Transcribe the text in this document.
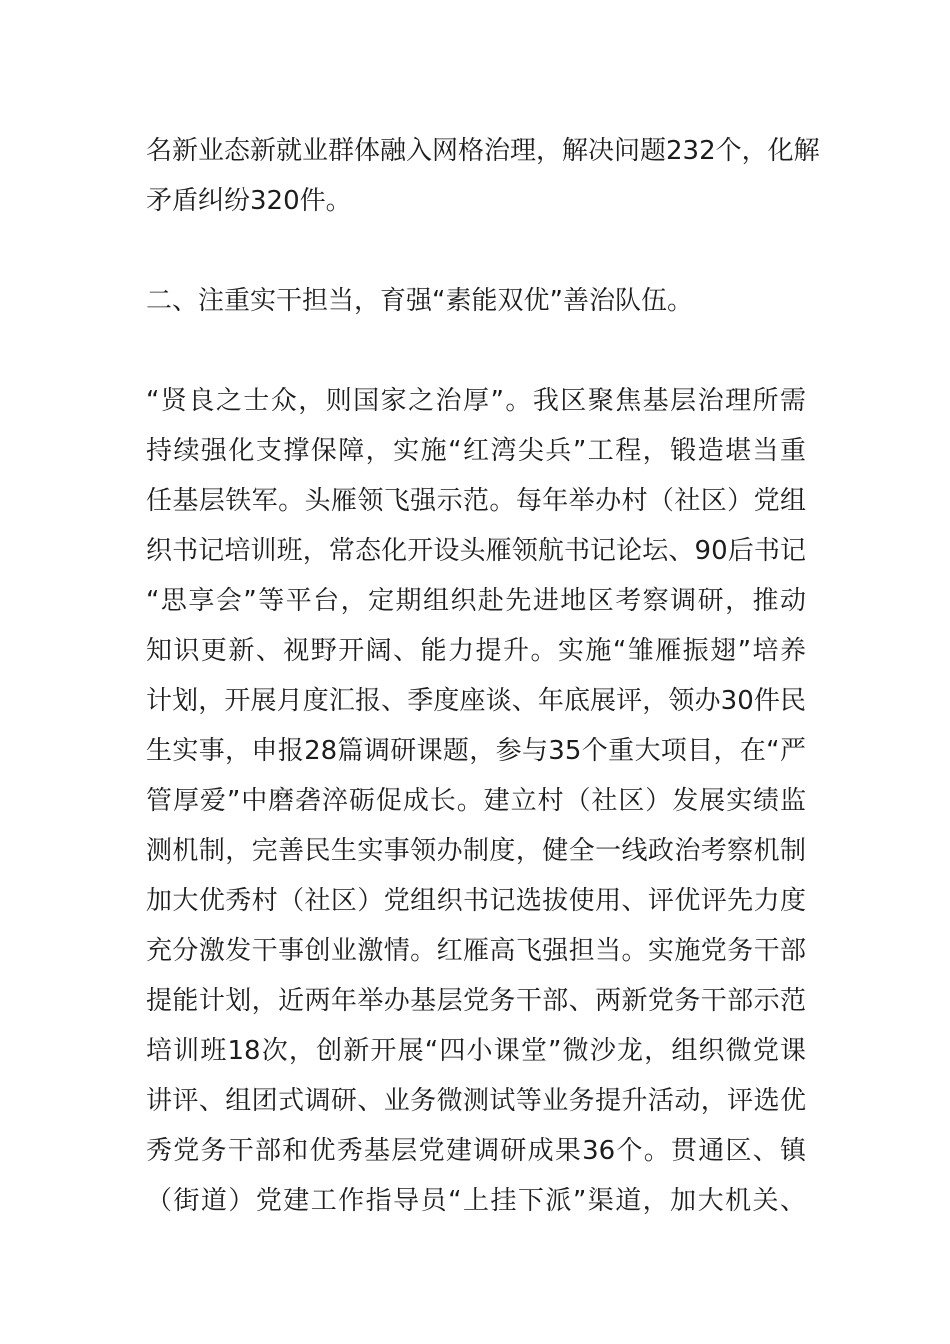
名新业态新就业群体融入网格治理，解决问题232个，化解
矛盾纠纷320件。
二、注重实干担当，育强“素能双优”善治队伍。
“贤良之士众，则国家之治厚”。我区聚焦基层治理所需
持续强化支撑保障，实施“红湾尖兵”工程，锻造堪当重
任基层铁军。头雁领飞强示范。每年举办村（社区）党组
织书记培训班，常态化开设头雁领航书记论坛、90后书记
“思享会”等平台，定期组织赴先进地区考察调研，推动
知识更新、视野开阔、能力提升。实施“雏雁振翅”培养
计划，开展月度汇报、季度座谈、年底展评，领办30件民
生实事，申报28篇调研课题，参与35个重大项目，在“严
管厚爱”中磨砻淬砺促成长。建立村（社区）发展实绩监
测机制，完善民生实事领办制度，健全一线政治考察机制
加大优秀村（社区）党组织书记选拔使用、评优评先力度
充分激发干事创业激情。红雁高飞强担当。实施党务干部
提能计划，近两年举办基层党务干部、两新党务干部示范
培训班18次，创新开展“四小课堂”微沙龙，组织微党课
讲评、组团式调研、业务微测试等业务提升活动，评选优
秀党务干部和优秀基层党建调研成果36个。贯通区、镇
（街道）党建工作指导员“上挂下派”渠道，加大机关、
